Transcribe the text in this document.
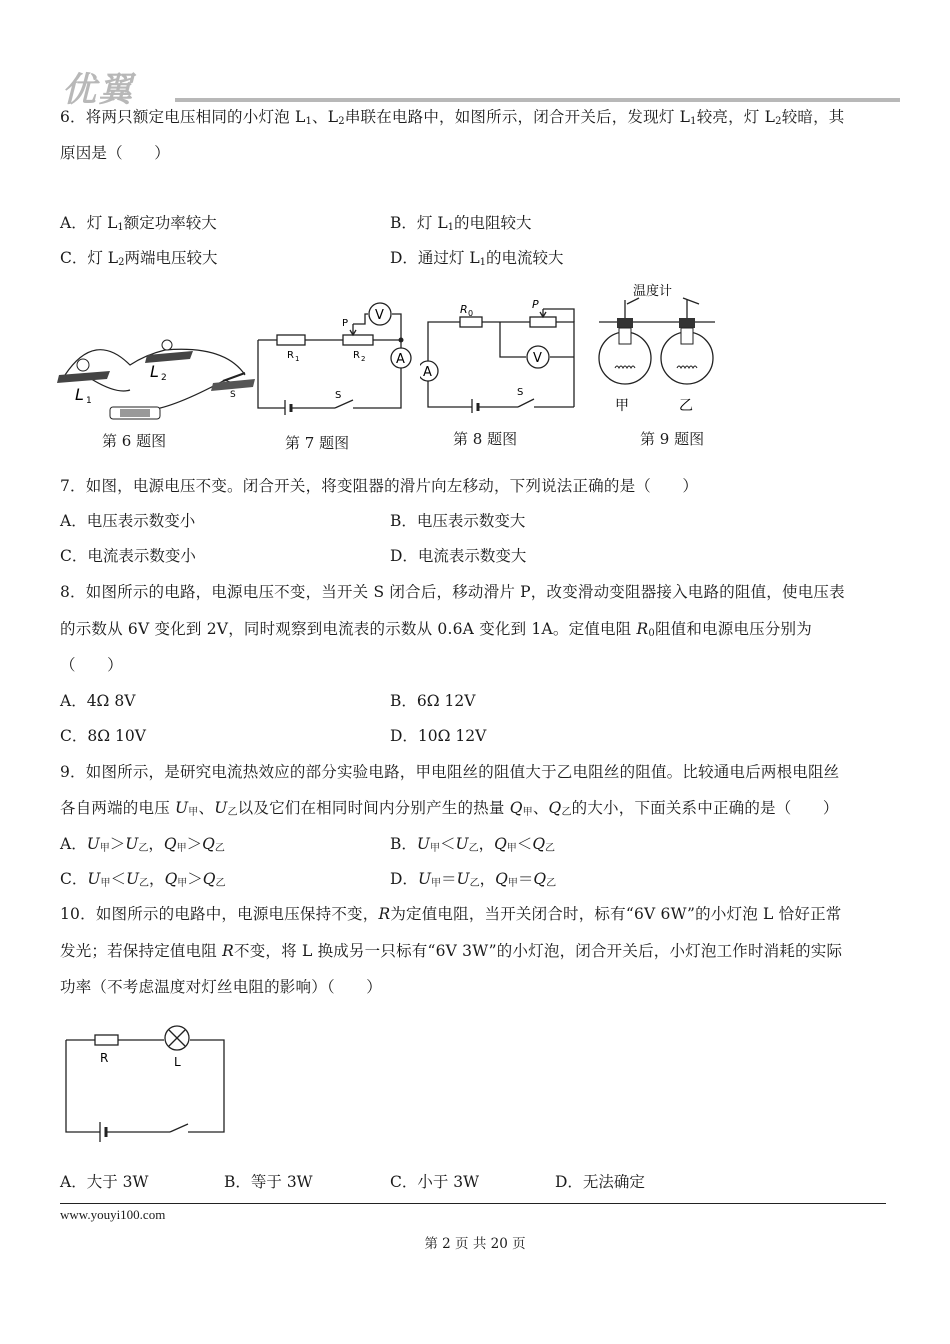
优翼
6．将两只额定电压相同的小灯泡 $L_1$、$L_2$串联在电路中，如图所示，闭合开关后，发现灯 $L_1$较亮，灯 $L_2$较暗，其
原因是（　　）
A．灯 $L_1$额定功率较大	B．灯 $L_1$的电阻较大
C．灯 $L_2$两端电压较大	D．通过灯 $L_1$的电流较大
L 1
L 2
S
V
A
R 1	R 2
P
S
V
A
R 0
P
S
温度计
甲	乙
第 6 题图	第 7 题图	第 8 题图	第 9 题图
7．如图，电源电压不变。闭合开关，将变阻器的滑片向左移动，下列说法正确的是（　　）
A．电压表示数变小	B．电压表示数变大
C．电流表示数变小	D．电流表示数变大
8．如图所示的电路，电源电压不变，当开关 S 闭合后，移动滑片 P，改变滑动变阻器接入电路的阻值，使电压表
的示数从 6V 变化到 2V，同时观察到电流表的示数从 0.6A 变化到 1A。定值电阻 $R_0$阻值和电源电压分别为
（　　）
A．4Ω 8V	B．6Ω 12V
C．8Ω 10V	D．10Ω 12V
9．如图所示，是研究电流热效应的部分实验电路，甲电阻丝的阻值大于乙电阻丝的阻值。比较通电后两根电阻丝
各自两端的电压 $U_甲$、$U_乙$以及它们在相同时间内分别产生的热量 $Q_甲$、$Q_乙$的大小，下面关系中正确的是（　　）
A．$U_甲>U_乙$，$Q_甲>Q_乙$	B．$U_甲<U_乙$，$Q_甲<Q_乙$
C．$U_甲<U_乙$，$Q_甲>Q_乙$	D．$U_甲=U_乙$，$Q_甲=Q_乙$
10．如图所示的电路中，电源电压保持不变，R为定值电阻，当开关闭合时，标有“6V 6W”的小灯泡 L 恰好正常
发光；若保持定值电阻 R不变，将 L 换成另一只标有“6V 3W”的小灯泡，闭合开关后，小灯泡工作时消耗的实际
功率（不考虑温度对灯丝电阻的影响）（　　）
R	L
A．大于 3W	B．等于 3W	C．小于 3W	D．无法确定
www.youyi100.com
第 2 页 共 20 页
